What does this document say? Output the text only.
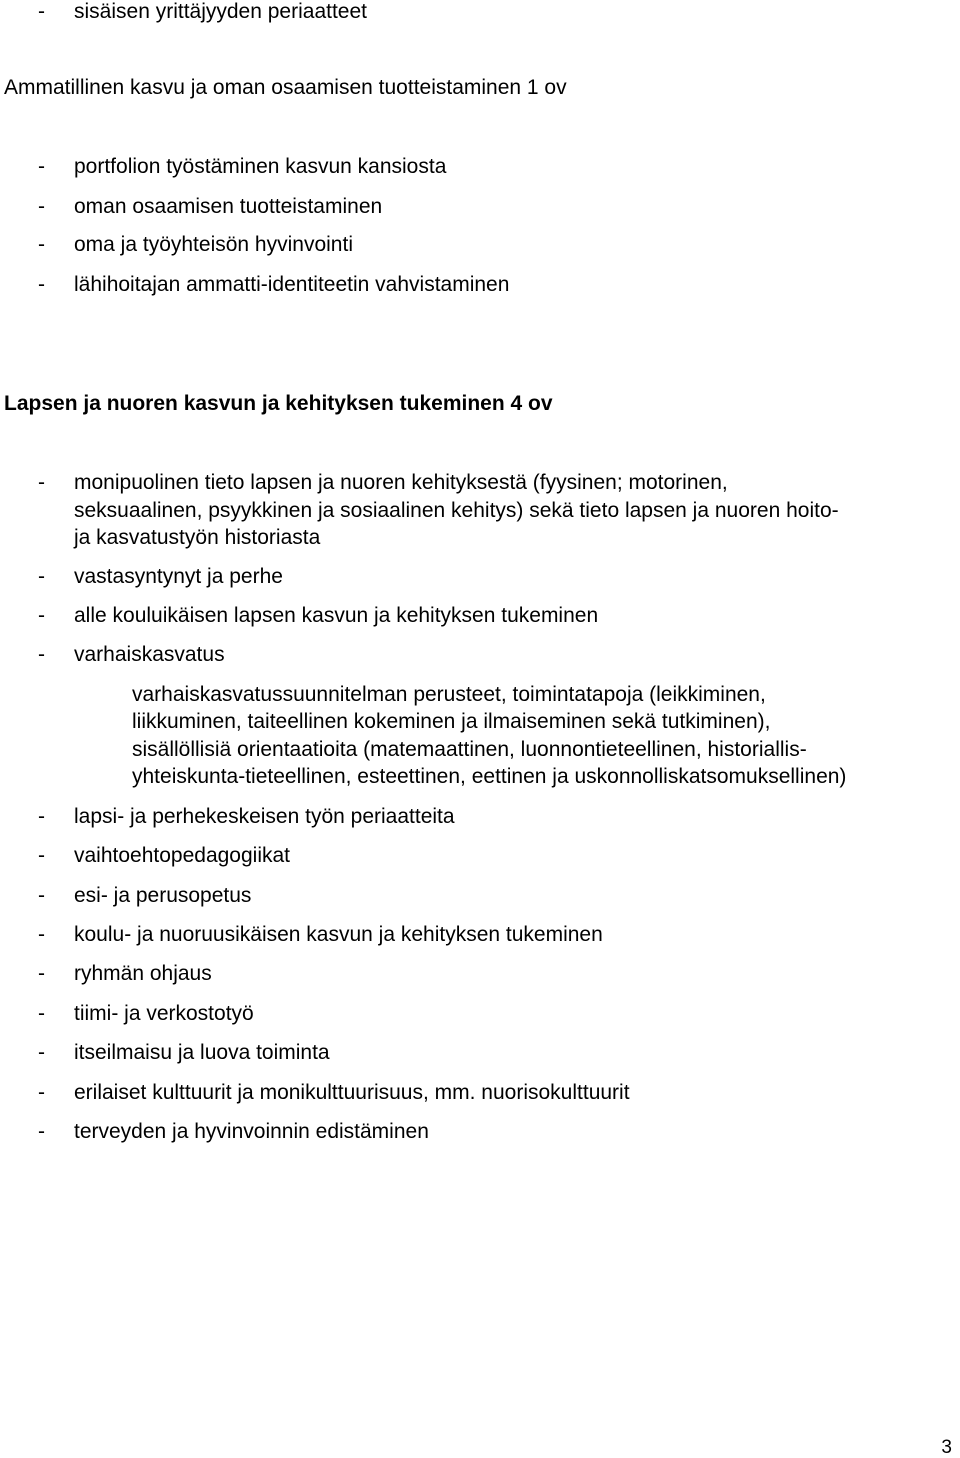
- sisäisen yrittäjyyden periaatteet
Ammatillinen kasvu ja oman osaamisen tuotteistaminen 1 ov
- portfolion työstäminen kasvun kansiosta
- oman osaamisen tuotteistaminen
- oma ja työyhteisön hyvinvointi
- lähihoitajan ammatti-identiteetin vahvistaminen
Lapsen ja nuoren kasvun ja kehityksen tukeminen 4 ov
- monipuolinen tieto lapsen ja nuoren kehityksestä (fyysinen; motorinen,
seksuaalinen, psyykkinen ja sosiaalinen kehitys) sekä tieto lapsen ja nuoren hoito-
ja kasvatustyön historiasta
- vastasyntynyt ja perhe
- alle kouluikäisen lapsen kasvun ja kehityksen tukeminen
- varhaiskasvatus
varhaiskasvatussuunnitelman perusteet, toimintatapoja (leikkiminen,
liikkuminen, taiteellinen kokeminen ja ilmaiseminen sekä tutkiminen),
sisällöllisiä orientaatioita (matemaattinen, luonnontieteellinen, historiallis-
yhteiskunta-tieteellinen, esteettinen, eettinen ja uskonnolliskatsomuksellinen)
- lapsi- ja perhekeskeisen työn periaatteita
- vaihtoehtopedagogiikat
- esi- ja perusopetus
- koulu- ja nuoruusikäisen kasvun ja kehityksen tukeminen
- ryhmän ohjaus
- tiimi- ja verkostotyö
- itseilmaisu ja luova toiminta
- erilaiset kulttuurit ja monikulttuurisuus, mm. nuorisokulttuurit
- terveyden ja hyvinvoinnin edistäminen
3
